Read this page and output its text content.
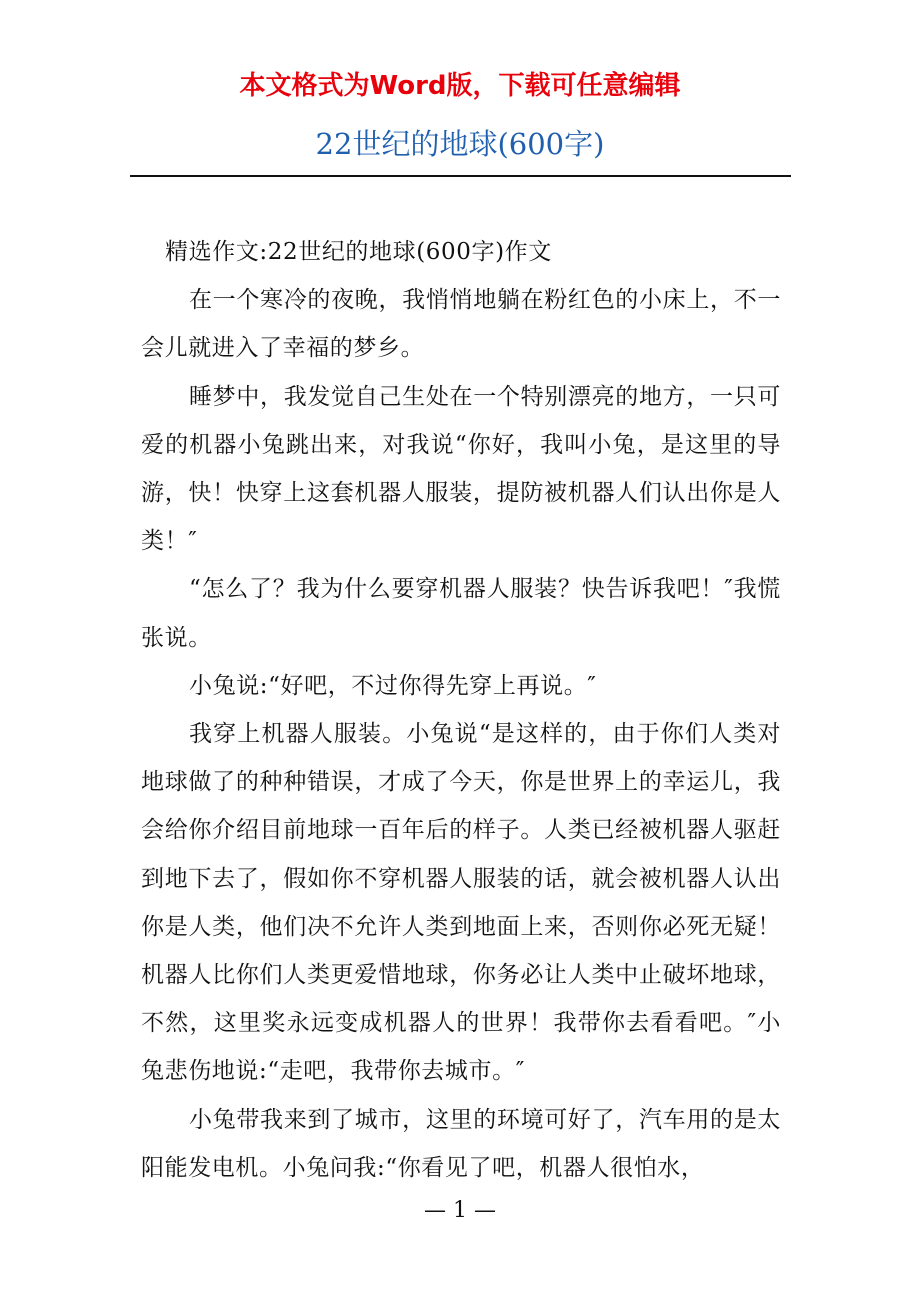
本文格式为Word版，下载可任意编辑
22世纪的地球(600字)

精选作文:22世纪的地球(600字)作文

在一个寒冷的夜晚，我悄悄地躺在粉红色的小床上，不一会儿就进入了幸福的梦乡。

睡梦中，我发觉自己生处在一个特别漂亮的地方，一只可爱的机器小兔跳出来，对我说“你好，我叫小兔，是这里的导游，快！快穿上这套机器人服装，提防被机器人们认出你是人类！″

“怎么了？我为什么要穿机器人服装？快告诉我吧！″我慌张说。

小兔说:“好吧，不过你得先穿上再说。″

我穿上机器人服装。小兔说“是这样的，由于你们人类对地球做了的种种错误，才成了今天，你是世界上的幸运儿，我会给你介绍目前地球一百年后的样子。人类已经被机器人驱赶到地下去了，假如你不穿机器人服装的话，就会被机器人认出你是人类，他们决不允许人类到地面上来，否则你必死无疑！机器人比你们人类更爱惜地球，你务必让人类中止破坏地球，不然，这里奖永远变成机器人的世界！我带你去看看吧。″小兔悲伤地说:“走吧，我带你去城市。″

小兔带我来到了城市，这里的环境可好了，汽车用的是太阳能发电机。小兔问我:“你看见了吧，机器人很怕水，

— 1 —
